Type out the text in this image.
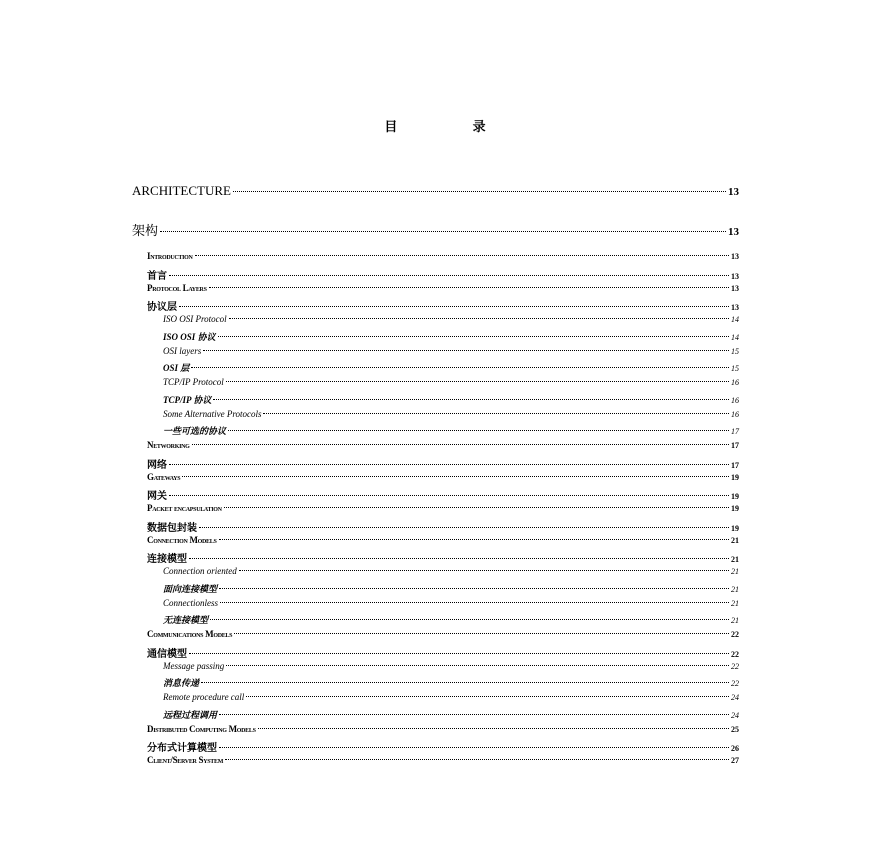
目 录
ARCHITECTURE	13
架构	13
Introduction	13
首言	13
Protocol Layers	13
协议层	13
ISO OSI Protocol	14
ISO OSI 协议	14
OSI layers	15
OSI 层	15
TCP/IP Protocol	16
TCP/IP 协议	16
Some Alternative Protocols	16
一些可选的协议	17
Networking	17
网络	17
Gateways	19
网关	19
Packet encapsulation	19
数据包封装	19
Connection Models	21
连接模型	21
Connection oriented	21
面向连接模型	21
Connectionless	21
无连接模型	21
Communications Models	22
通信模型	22
Message passing	22
消息传递	22
Remote procedure call	24
远程过程调用	24
Distributed Computing Models	25
分布式计算模型	26
Client/Server System	27
